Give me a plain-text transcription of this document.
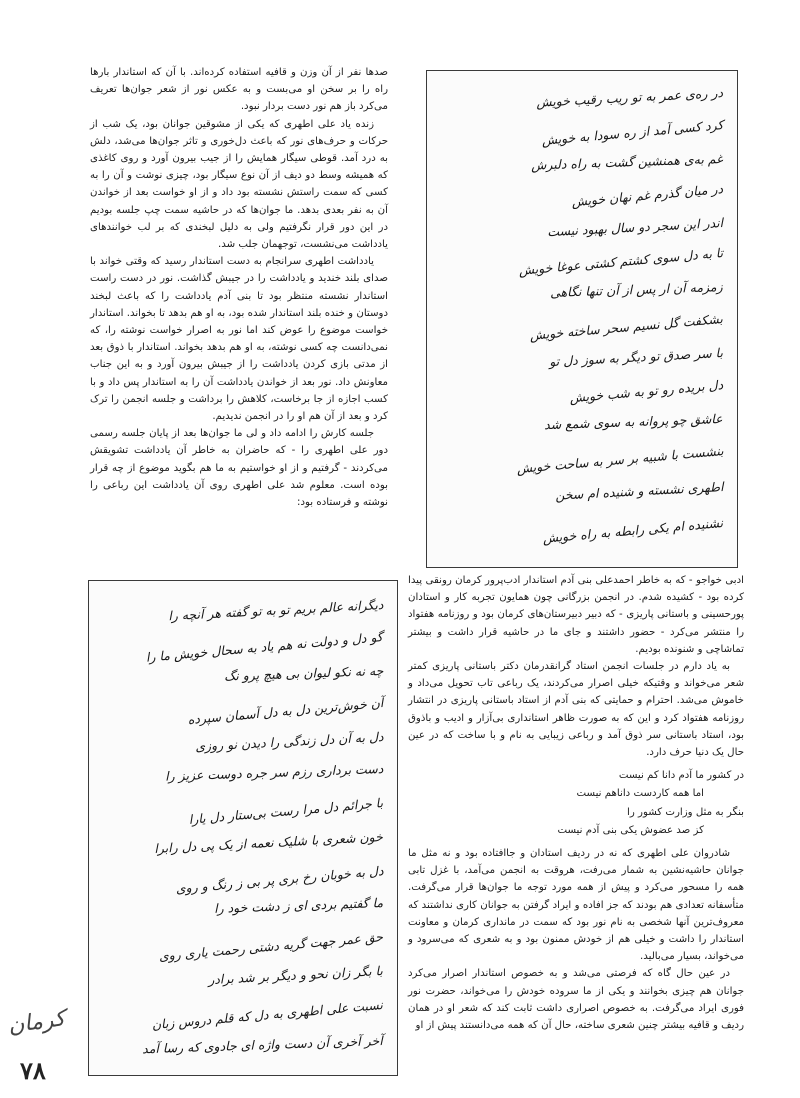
صدها نفر از آن وزن و قافیه استفاده کرده‌اند. با آن که استاندار بارها راه را بر سخن او می‌بست و به عکس نور از شعر جوان‌ها تعریف می‌کرد باز هم نور دست بردار نبود.

زنده یاد علی اطهری که یکی از مشوقین جوانان بود، یک شب از حرکات و حرف‌های نور که باعث دل‌خوری و تاثر جوان‌ها می‌شد، دلش به درد آمد. قوطی سیگار همایش را از جیب بیرون آورد و روی کاغذی که همیشه وسط دو دیف از آن نوع سیگار بود، چیزی نوشت و آن را به کسی که سمت راستش نشسته بود داد و از او خواست بعد از خواندن آن به نفر بعدی بدهد. ما جوان‌ها که در حاشیه سمت چپ جلسه بودیم در این دور قرار نگرفتیم ولی به دلیل لبخندی که بر لب خوانندها‌ی یادداشت می‌نشست، توجهمان جلب شد.

یادداشت اطهری سرانجام به دست استاندار رسید که وقتی خواند با صدای بلند خندید و یادداشت را در جیبش گذاشت. نور در دست راست استاندار نشسته منتظر بود تا بنی آدم یادداشت را که باعث لبخند دوستان و خنده بلند استاندار شده بود، به او هم بدهد تا بخواند. استاندار خواست موضوع را عوض کند اما نور به اصرار خواست نوشته را، که نمی‌دانست چه کسی نوشته، به او هم بدهد بخواند. استاندار با ذوق بعد از مدتی بازی کردن یادداشت را از جیبش بیرون آورد و به این جناب معاونش داد. نور بعد از خواندن یادداشت آن را به استاندار پس داد و با کسب اجازه از جا برخاست، کلاهش را برداشت و جلسه انجمن را ترک کرد و بعد از آن هم او را در انجمن ندیدیم.

جلسه کارش را ادامه داد و لی ما جوان‌ها بعد از پایان جلسه رسمی دور علی اطهری را - که حاضران به خاطر آن یادداشت تشویقش می‌کردند - گرفتیم و از او خواستیم به ما هم بگوید موضوع از چه قرار بوده است. معلوم شد علی اطهری روی آن یادداشت این رباعی را نوشته و فرستاده بود:

در ره‌ی عمر به تو ریب رقیب خویش
کرد کسی آمد از ره سودا به خویش
غم به‌ی همنشین گشت به راه دلبرش
در میان گذرم غم نهان خویش
اندر این سجر دو سال بهبود نیست
تا به دل سوی کشتم کشتی عوغا خویش
زمزمه آن ار پس از آن تنها نگاهی
بشکفت گل نسیم سحر ساخته خویش
با سر صدق تو دیگر به سوز دل تو
دل بریده رو تو به شب خویش
عاشق چو پروانه به سوی شمع شد
بنشست با شبیه بر سر به ساحت خویش
اطهری نشسته و شنیده ام سخن
نشنیده ام یکی رابطه به راه خویش

ادبی خواجو - که به خاطر احمدعلی بنی آدم استاندار ادب‌پرور کرمان رونقی پیدا کرده بود - کشیده شدم. در انجمن بزرگانی چون همایون تجربه کار و استادان پورحسینی و باستانی پاریزی - که دبیر دبیرستان‌های کرمان بود و روزنامه هفتواد را منتشر می‌کرد - حضور داشتند و جای ما در حاشیه قرار داشت و بیشتر تماشاچی و شنونده بودیم.

به یاد دارم در جلسات انجمن استاد گرانقدرمان دکتر باستانی پاریزی کمتر شعر می‌خواند و وقتیکه خیلی اصرار می‌کردند، یک رباعی تاب تحویل می‌داد و خاموش می‌شد. احترام و حمایتی که بنی آدم از استاد باستانی پاریزی در انتشار روزنامه هفتواد کرد و این که به صورت ظاهر استانداری بی‌آزار و ادیب و باذوق بود، استاد باستانی سر ذوق آمد و رباعی زیبایی به نام و با ساخت که در عین حال یک دنیا حرف دارد.

در کشور ما آدم دانا کم نیست
اما همه کاردست داناهم نیست
بنگر به مثل وزارت کشور را
کز صد عضوش یکی بنی آدم نیست

شادروان علی اطهری که نه در ردیف استادان و جاافتاده بود و نه مثل ما جوانان حاشیه‌نشین به شمار می‌رفت، هروقت به انجمن می‌آمد، با غزل تابی همه را مسحور می‌کرد و پیش از همه مورد توجه ما جوان‌ها قرار می‌گرفت. متأسفانه تعدادی هم بودند که جز افاده و ایراد گرفتن به جوانان کاری نداشتند که معروف‌ترین آنها شخصی به نام نور بود که سمت در مانداری کرمان و معاونت استاندار را داشت و خیلی هم از خودش ممنون بود و به شعری که می‌سرود و می‌خواند، بسیار می‌بالید.

در عین حال گاه که فرصتی می‌شد و به خصوص استاندار اصرار می‌کرد جوانان هم چیزی بخوانند و یکی از ما سروده خودش را می‌خواند، حضرت نور فوری ایراد می‌گرفت. به خصوص اصراری داشت ثابت کند که شعر او در همان ردیف و قافیه بیشتر چنین شعری ساخته، حال آن که همه می‌دانستند پیش از او

دیگرانه عالم بریم تو به تو گفته هر آنچه را
گو دل و دولت نه هم یاد به سحال خویش ما را
چه نه نکو لیوان بی هیچ پرو نگ
آن خوش‌ترین دل به دل آسمان سپرده
دل به آن دل زندگی را دیدن نو روزی
دست برداری رزم سر جره دوست عزیز را
با جرائم دل مرا رست بی‌ستار دل یارا
خون شعری با شلیک نعمه از یک پی دل رابرا
دل به خوبان رخ بری پر بی ز رنگ و روی
ما گفتیم بردی ای ز دشت خود را
حق عمر جهت گریه دشتی رحمت یاری روی
با بگر زان نحو و دیگر بر شد برادر
نسبت علی اطهری به دل که قلم دروس زبان
آخر آخری آن دست واژه ای جادوی که رسا آمد
کرمان
۷۸
